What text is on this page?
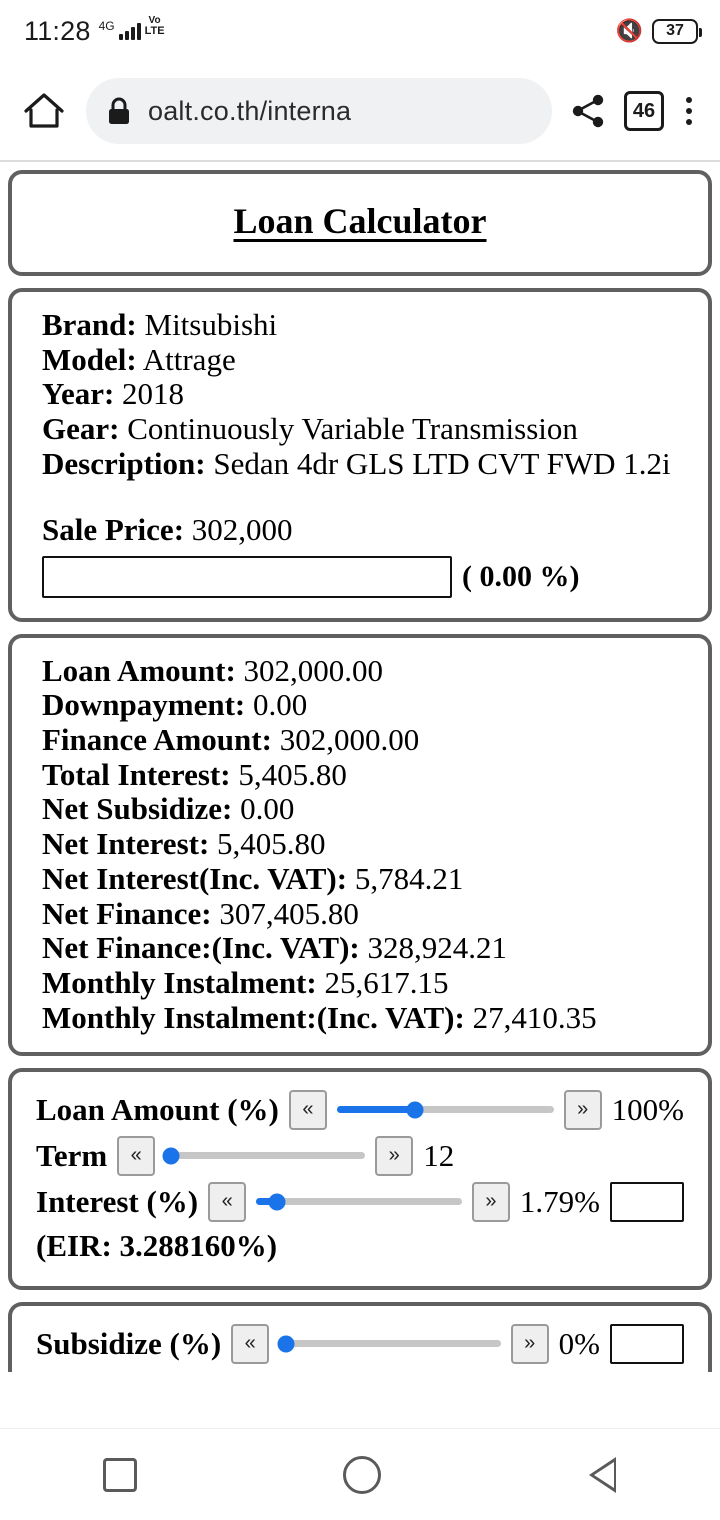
11:28 4G	Vo
LTE	🔇 37
oalt.co.th/interna	46
Loan Calculator
Brand: Mitsubishi
Model: Attrage
Year: 2018
Gear: Continuously Variable Transmission
Description: Sedan 4dr GLS LTD CVT FWD 1.2i
Sale Price: 302,000
( 0.00 %)
Loan Amount: 302,000.00
Downpayment: 0.00
Finance Amount: 302,000.00
Total Interest: 5,405.80
Net Subsidize: 0.00
Net Interest: 5,405.80
Net Interest(Inc. VAT): 5,784.21
Net Finance: 307,405.80
Net Finance:(Inc. VAT): 328,924.21
Monthly Instalment: 25,617.15
Monthly Instalment:(Inc. VAT): 27,410.35
Loan Amount (%)	«	» 100%
Term	«	» 12
Interest (%)	«	» 1.79%
(EIR: 3.288160%)
Subsidize (%)	«	» 0%
